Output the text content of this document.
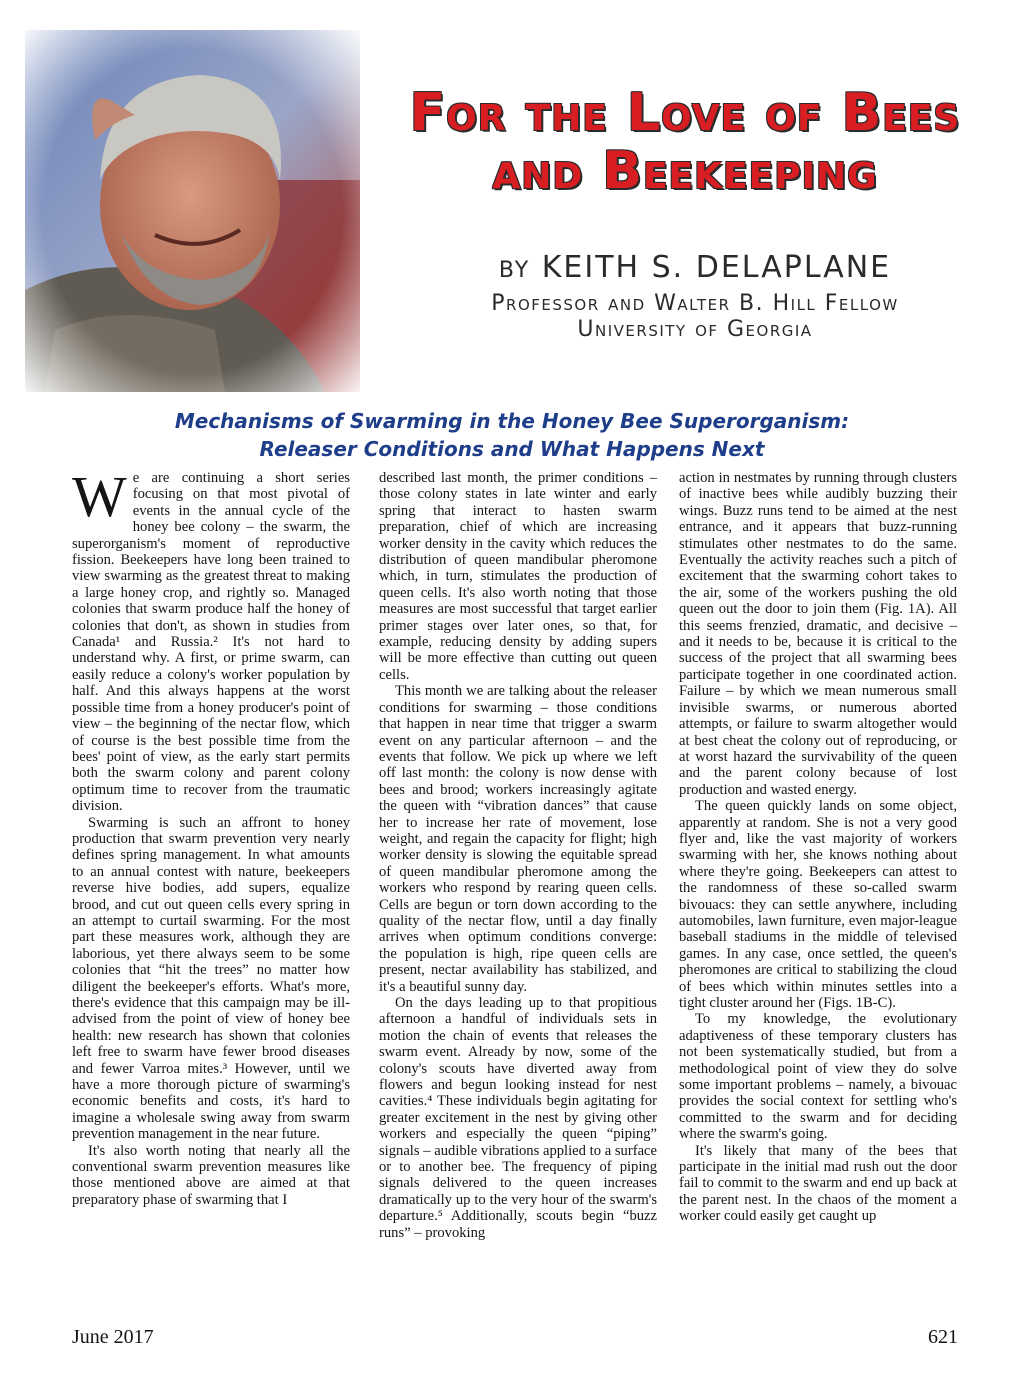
For the Love of Bees
and Beekeeping
BY KEITH S. DELAPLANE
Professor and Walter B. Hill Fellow
University of Georgia
Mechanisms of Swarming in the Honey Bee Superorganism:
Releaser Conditions and What Happens Next

We are continuing a short series focusing on that most pivotal of events in the annual cycle of the honey bee colony – the swarm, the superorganism's moment of reproductive fission. Beekeepers have long been trained to view swarming as the greatest threat to making a large honey crop, and rightly so. Managed colonies that swarm produce half the honey of colonies that don't, as shown in studies from Canada¹ and Russia.² It's not hard to understand why. A first, or prime swarm, can easily reduce a colony's worker population by half. And this always happens at the worst possible time from a honey producer's point of view – the beginning of the nectar flow, which of course is the best possible time from the bees' point of view, as the early start permits both the swarm colony and parent colony optimum time to recover from the traumatic division.

Swarming is such an affront to honey production that swarm prevention very nearly defines spring management. In what amounts to an annual contest with nature, beekeepers reverse hive bodies, add supers, equalize brood, and cut out queen cells every spring in an attempt to curtail swarming. For the most part these measures work, although they are laborious, yet there always seem to be some colonies that “hit the trees” no matter how diligent the beekeeper's efforts. What's more, there's evidence that this campaign may be ill-advised from the point of view of honey bee health: new research has shown that colonies left free to swarm have fewer brood diseases and fewer Varroa mites.³ However, until we have a more thorough picture of swarming's economic benefits and costs, it's hard to imagine a wholesale swing away from swarm prevention management in the near future.

It's also worth noting that nearly all the conventional swarm prevention measures like those mentioned above are aimed at that preparatory phase of swarming that I

described last month, the primer conditions – those colony states in late winter and early spring that interact to hasten swarm preparation, chief of which are increasing worker density in the cavity which reduces the distribution of queen mandibular pheromone which, in turn, stimulates the production of queen cells. It's also worth noting that those measures are most successful that target earlier primer stages over later ones, so that, for example, reducing density by adding supers will be more effective than cutting out queen cells.

This month we are talking about the releaser conditions for swarming – those conditions that happen in near time that trigger a swarm event on any particular afternoon – and the events that follow. We pick up where we left off last month: the colony is now dense with bees and brood; workers increasingly agitate the queen with “vibration dances” that cause her to increase her rate of movement, lose weight, and regain the capacity for flight; high worker density is slowing the equitable spread of queen mandibular pheromone among the workers who respond by rearing queen cells. Cells are begun or torn down according to the quality of the nectar flow, until a day finally arrives when optimum conditions converge: the population is high, ripe queen cells are present, nectar availability has stabilized, and it's a beautiful sunny day.

On the days leading up to that propitious afternoon a handful of individuals sets in motion the chain of events that releases the swarm event. Already by now, some of the colony's scouts have diverted away from flowers and begun looking instead for nest cavities.⁴ These individuals begin agitating for greater excitement in the nest by giving other workers and especially the queen “piping” signals – audible vibrations applied to a surface or to another bee. The frequency of piping signals delivered to the queen increases dramatically up to the very hour of the swarm's departure.⁵ Additionally, scouts begin “buzz runs” – provoking

action in nestmates by running through clusters of inactive bees while audibly buzzing their wings. Buzz runs tend to be aimed at the nest entrance, and it appears that buzz-running stimulates other nestmates to do the same. Eventually the activity reaches such a pitch of excitement that the swarming cohort takes to the air, some of the workers pushing the old queen out the door to join them (Fig. 1A). All this seems frenzied, dramatic, and decisive – and it needs to be, because it is critical to the success of the project that all swarming bees participate together in one coordinated action. Failure – by which we mean numerous small invisible swarms, or numerous aborted attempts, or failure to swarm altogether would at best cheat the colony out of reproducing, or at worst hazard the survivability of the queen and the parent colony because of lost production and wasted energy.

The queen quickly lands on some object, apparently at random. She is not a very good flyer and, like the vast majority of workers swarming with her, she knows nothing about where they're going. Beekeepers can attest to the randomness of these so-called swarm bivouacs: they can settle anywhere, including automobiles, lawn furniture, even major-league baseball stadiums in the middle of televised games. In any case, once settled, the queen's pheromones are critical to stabilizing the cloud of bees which within minutes settles into a tight cluster around her (Figs. 1B-C).

To my knowledge, the evolutionary adaptiveness of these temporary clusters has not been systematically studied, but from a methodological point of view they do solve some important problems – namely, a bivouac provides the social context for settling who's committed to the swarm and for deciding where the swarm's going.

It's likely that many of the bees that participate in the initial mad rush out the door fail to commit to the swarm and end up back at the parent nest. In the chaos of the moment a worker could easily get caught up

June 2017	621
